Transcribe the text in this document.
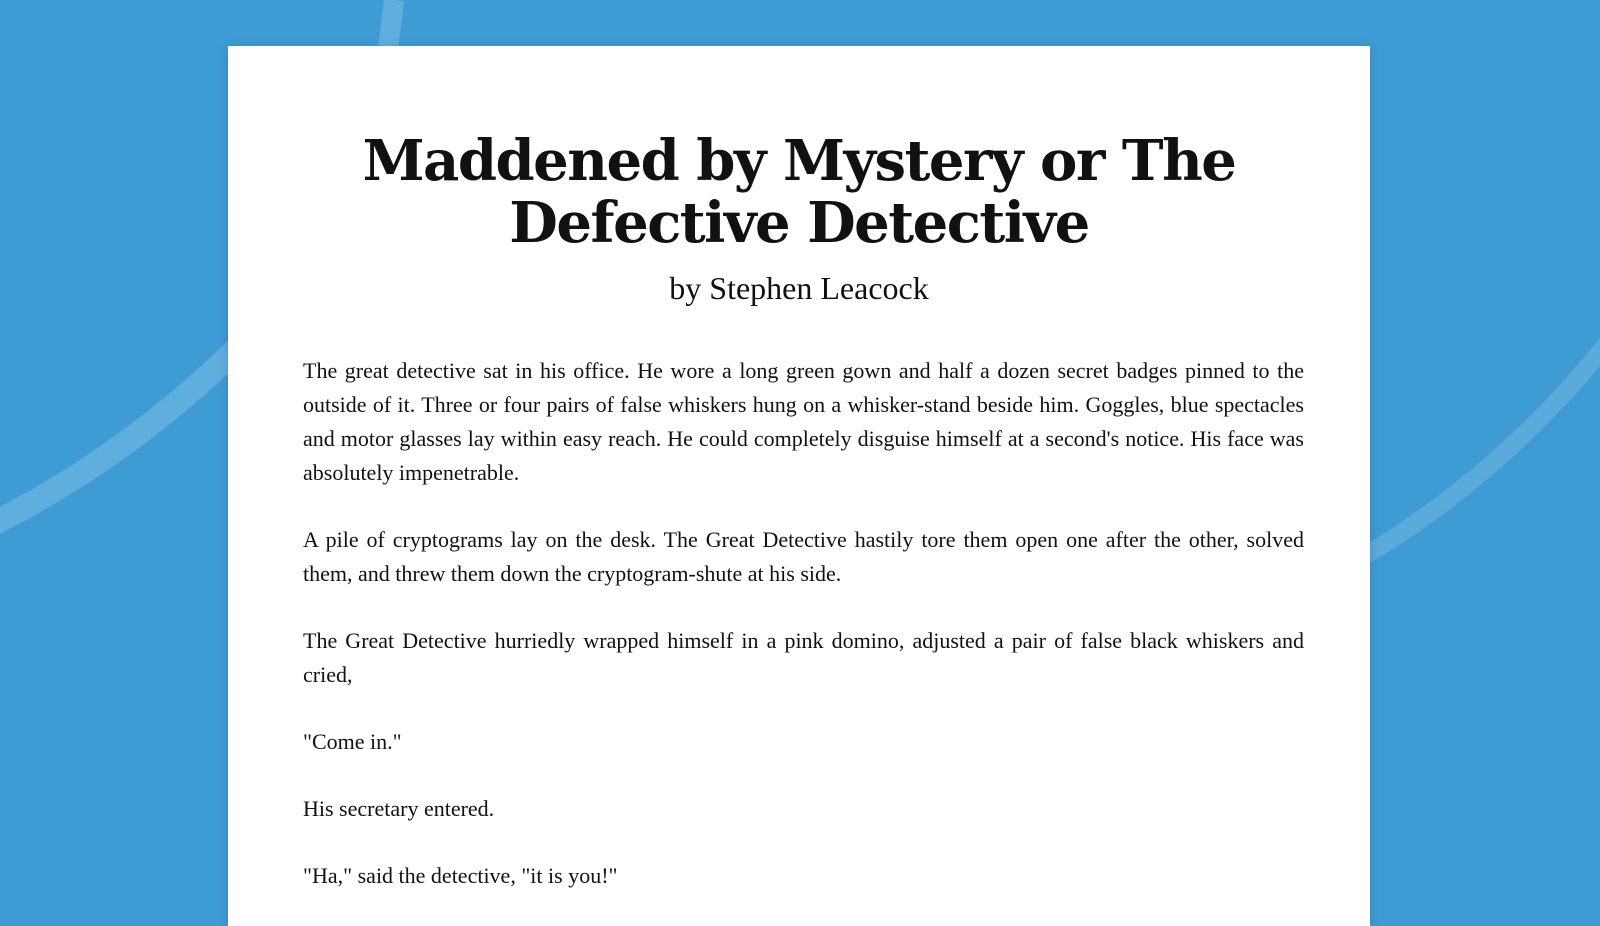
Maddened by Mystery or The Defective Detective
by Stephen Leacock

The great detective sat in his office. He wore a long green gown and half a dozen secret badges pinned to the outside of it. Three or four pairs of false whiskers hung on a whisker-stand beside him. Goggles, blue spectacles and motor glasses lay within easy reach. He could completely disguise himself at a second's notice. His face was absolutely impenetrable.

A pile of cryptograms lay on the desk. The Great Detective hastily tore them open one after the other, solved them, and threw them down the cryptogram-shute at his side.

The Great Detective hurriedly wrapped himself in a pink domino, adjusted a pair of false black whiskers and cried,

"Come in."

His secretary entered.

"Ha," said the detective, "it is you!"
